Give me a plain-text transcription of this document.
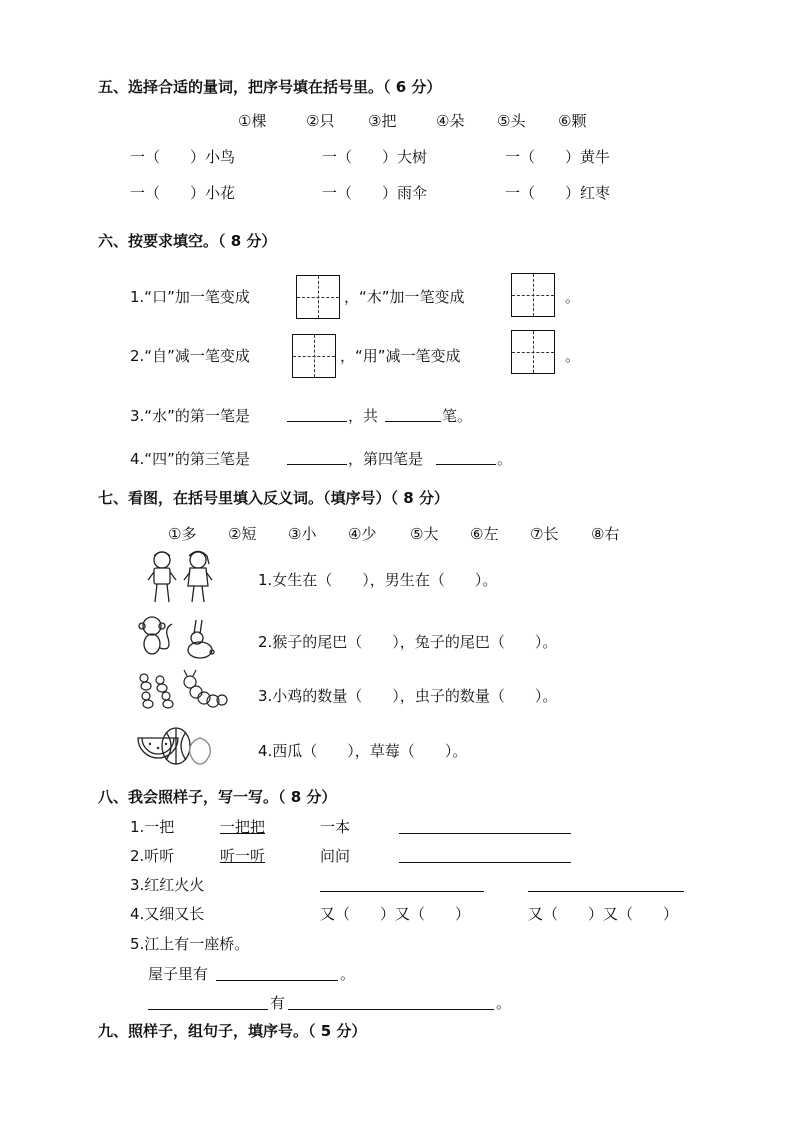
五、选择合适的量词，把序号填在括号里。（ 6 分）
①棵	②只 ③把	④朵 ⑤头 ⑥颗
一（　　）小鸟	一（　　）大树	一（　　）黄牛
一（　　）小花	一（　　）雨伞	一（　　）红枣
六、按要求填空。（ 8 分）
1.“口”加一笔变成	，“木”加一笔变成	。
2.“自”减一笔变成	，“用”减一笔变成	。
3.“水”的第一笔是	，共	笔。
4.“四”的第三笔是	，第四笔是	。
七、看图，在括号里填入反义词。（填序号）（ 8 分）
①多 ②短 ③小 ④少 ⑤大 ⑥左 ⑦长 ⑧右
1.女生在（　　），男生在（　　）。
2.猴子的尾巴（　　），兔子的尾巴（　　）。
3.小鸡的数量（　　），虫子的数量（　　）。
4.西瓜（　　），草莓（　　）。
八、我会照样子，写一写。（ 8 分）
1.一把	一把把	一本
2.听听	听一听	问问
3.红红火火
4.又细又长	又（　　）又（　　）	又（　　）又（　　）
5.江上有一座桥。
屋子里有	。
有	。
九、照样子，组句子，填序号。（ 5 分）
